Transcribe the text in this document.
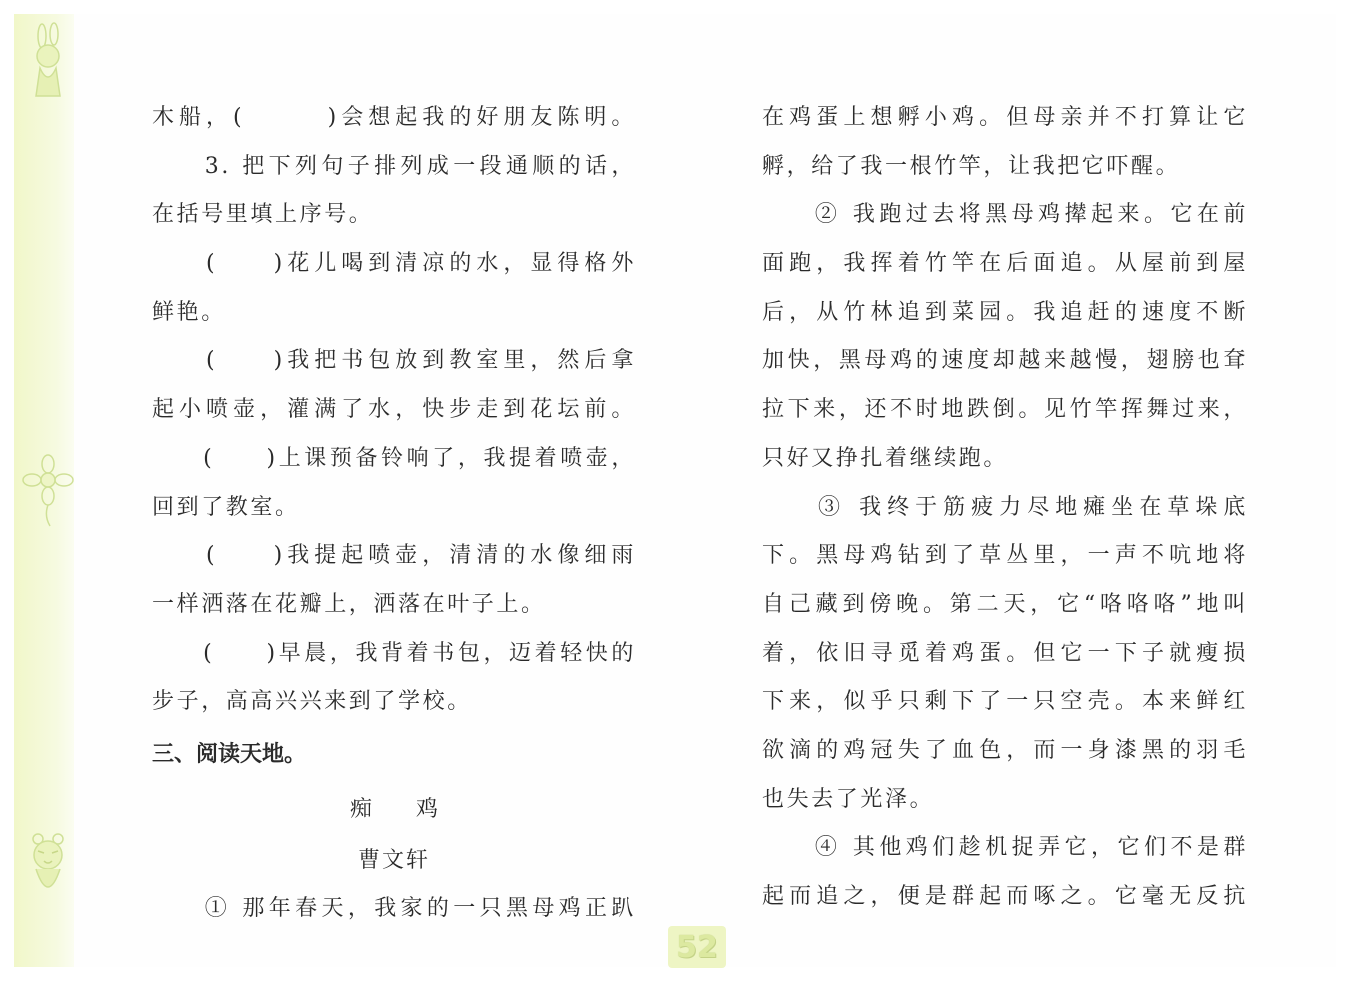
木船，(　　　)会想起我的好朋友陈明。
　　3. 把下列句子排列成一段通顺的话，
在括号里填上序号。
　　(　　)花儿喝到清凉的水，显得格外
鲜艳。
　　(　　)我把书包放到教室里，然后拿
起小喷壶，灌满了水，快步走到花坛前。
　　(　　)上课预备铃响了，我提着喷壶，
回到了教室。
　　(　　)我提起喷壶，清清的水像细雨
一样洒落在花瓣上，洒落在叶子上。
　　(　　)早晨，我背着书包，迈着轻快的
步子，高高兴兴来到了学校。
三、阅读天地。
痴　　鸡
曹文轩
　　① 那年春天，我家的一只黑母鸡正趴
在鸡蛋上想孵小鸡。但母亲并不打算让它
孵，给了我一根竹竿，让我把它吓醒。
　　② 我跑过去将黑母鸡撵起来。它在前
面跑，我挥着竹竿在后面追。从屋前到屋
后，从竹林追到菜园。我追赶的速度不断
加快，黑母鸡的速度却越来越慢，翅膀也耷
拉下来，还不时地跌倒。见竹竿挥舞过来，
只好又挣扎着继续跑。
　　③ 我终于筋疲力尽地瘫坐在草垛底
下。黑母鸡钻到了草丛里，一声不吭地将
自己藏到傍晚。第二天，它“咯咯咯”地叫
着，依旧寻觅着鸡蛋。但它一下子就瘦损
下来，似乎只剩下了一只空壳。本来鲜红
欲滴的鸡冠失了血色，而一身漆黑的羽毛
也失去了光泽。
　　④ 其他鸡们趁机捉弄它，它们不是群
起而追之，便是群起而啄之。它毫无反抗
52
